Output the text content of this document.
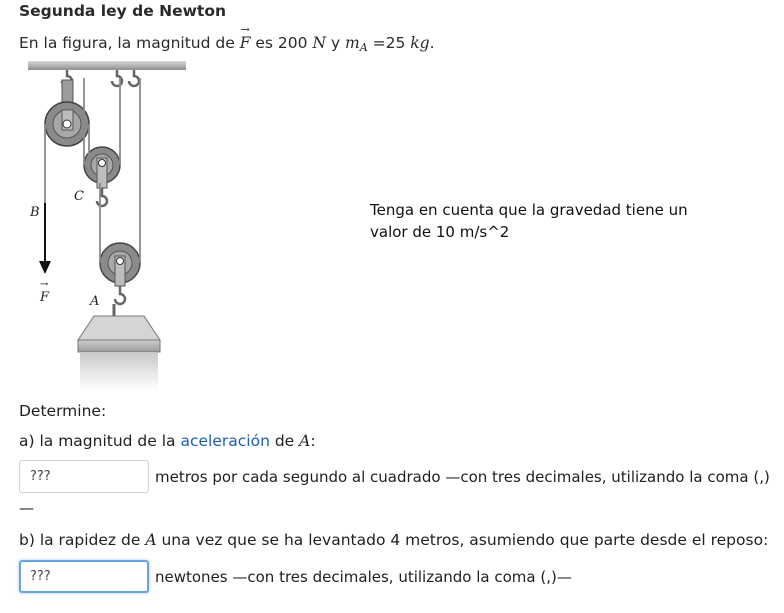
Segunda ley de Newton
En la figura, la magnitud de → F es 200 N y $m_A =25$ kg.
B
C
F
→
A
Tenga en cuenta que la gravedad tiene un valor de 10 m/s^2
Determine:
a) la magnitud de la aceleración de A:
???	metros por cada segundo al cuadrado —con tres decimales, utilizando la coma (,)
—
b) la rapidez de A una vez que se ha levantado 4 metros, asumiendo que parte desde el reposo:
???	newtones —con tres decimales, utilizando la coma (,)—
